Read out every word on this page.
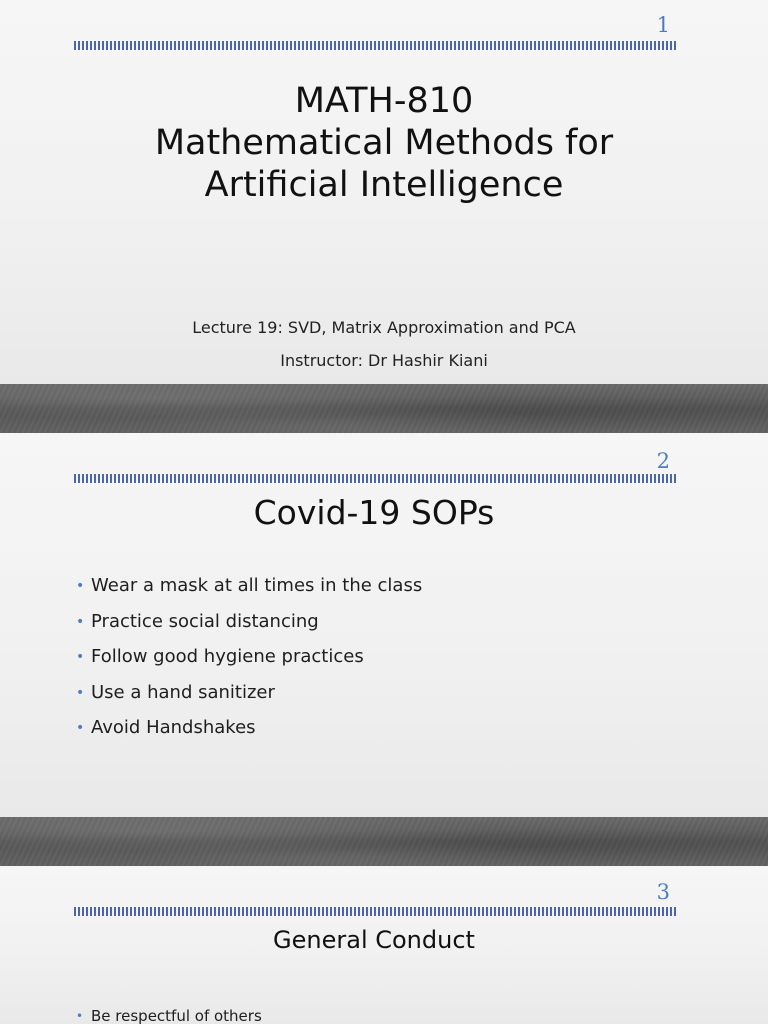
1
MATH-810
Mathematical Methods for
Artificial Intelligence
Lecture 19: SVD, Matrix Approximation and PCA
Instructor: Dr Hashir Kiani
2
Covid-19 SOPs
• Wear a mask at all times in the class
• Practice social distancing
• Follow good hygiene practices
• Use a hand sanitizer
• Avoid Handshakes
3
General Conduct
• Be respectful of others
